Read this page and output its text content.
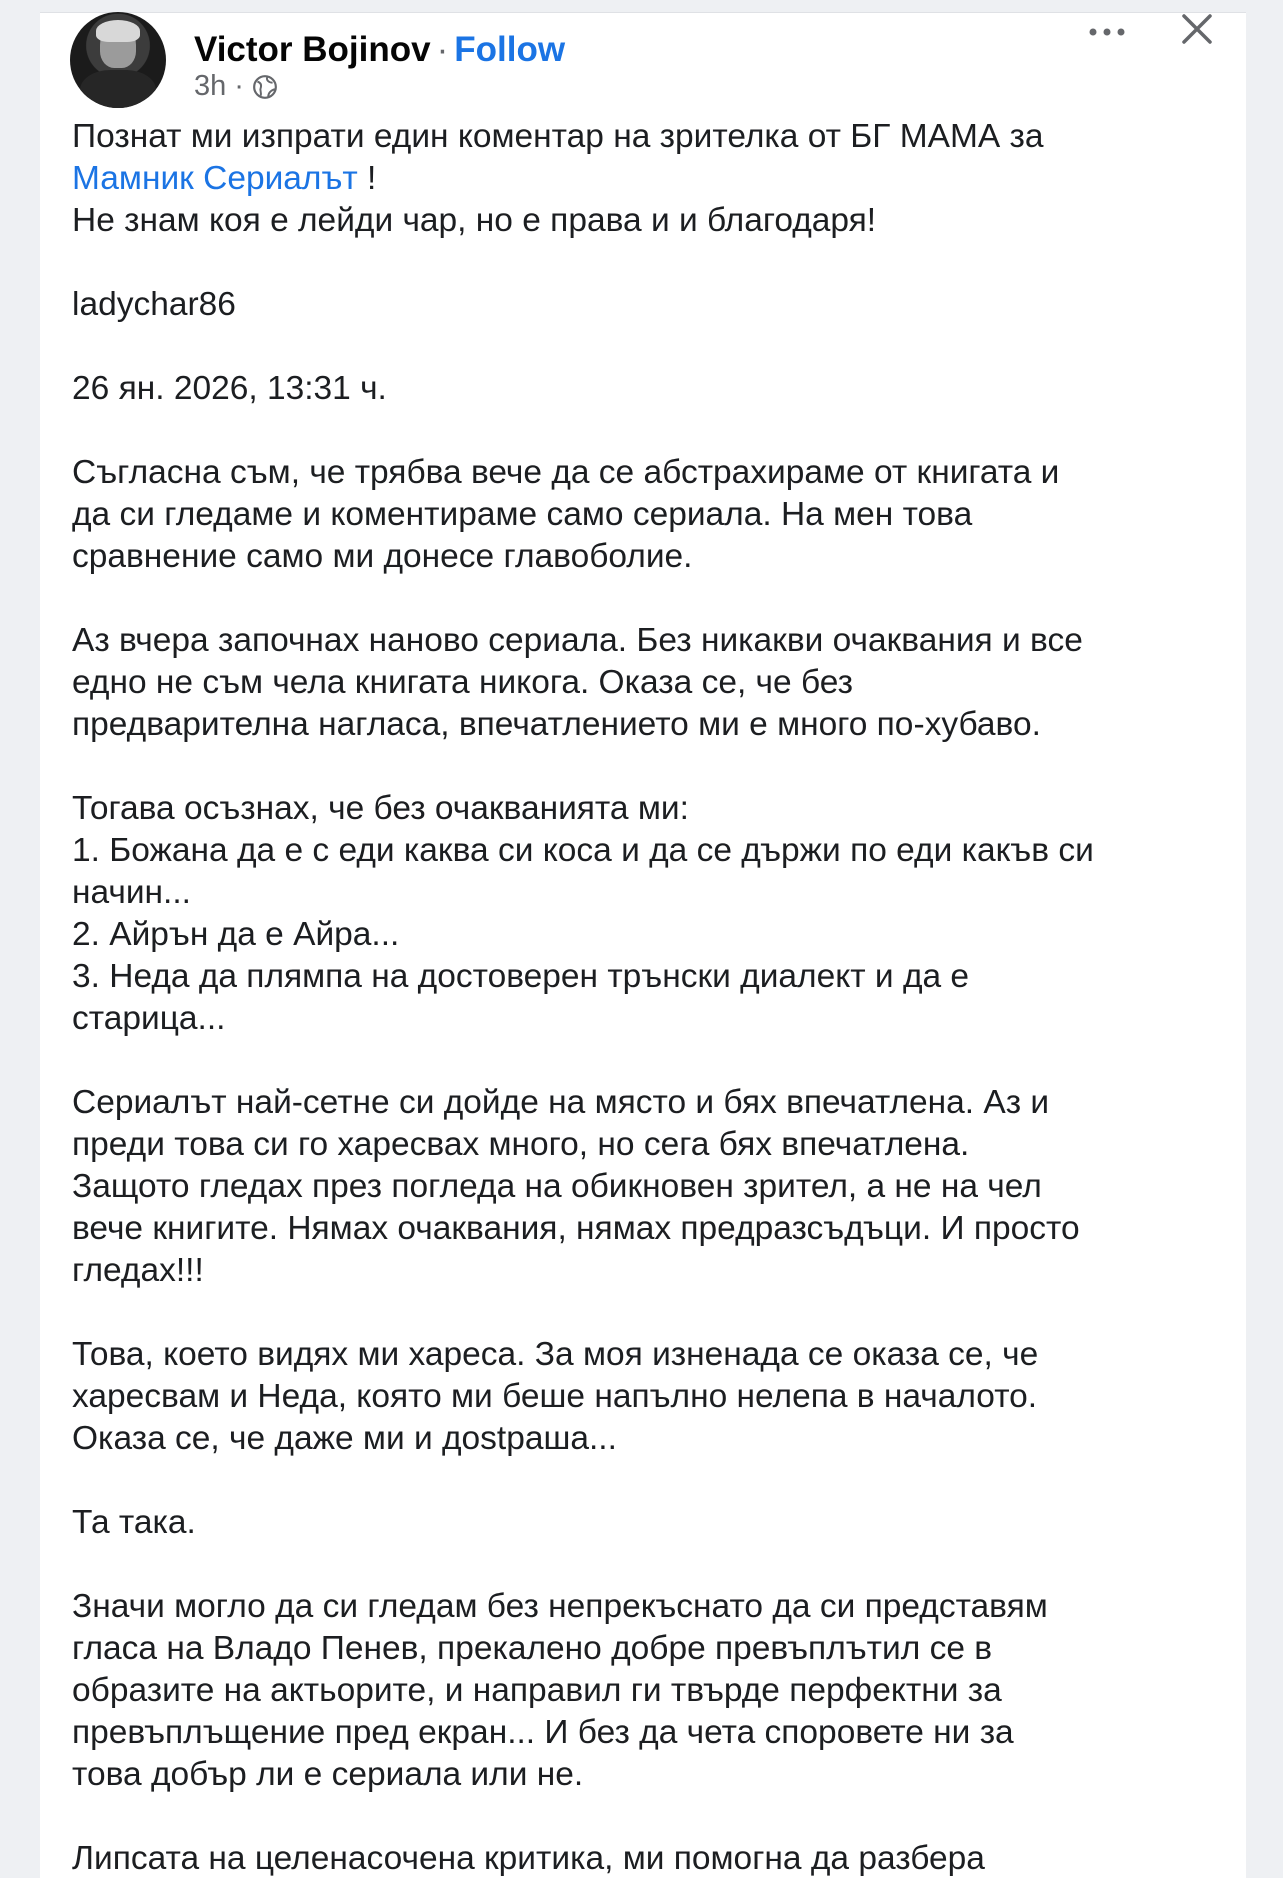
Victor Bojinov · Follow
3h ·

Познат ми изпрати един коментар на зрителка от БГ МАМА за
Мамник Сериалът !
Не знам коя е лейди чар, но е права и и благодаря!

ladychar86

26 ян. 2026, 13:31 ч.

Съгласна съм, че трябва вече да се абстрахираме от книгата и
да си гледаме и коментираме само сериала. На мен това
сравнение само ми донесе главоболие.

Аз вчера започнах наново сериала. Без никакви очаквания и все
едно не съм чела книгата никога. Оказа се, че без
предварителна нагласа, впечатлението ми е много по-хубаво.

Тогава осъзнах, че без очакванията ми:
1. Божана да е с еди каква си коса и да се държи по еди какъв си
начин...
2. Айрън да е Айра...
3. Неда да плямпа на достоверен трънски диалект и да е
старица...

Сериалът най-сетне си дойде на място и бях впечатлена. Аз и
преди това си го харесвах много, но сега бях впечатлена.
Защото гледах през погледа на обикновен зрител, а не на чел
вече книгите. Нямах очаквания, нямах предразсъдъци. И просто
гледах!!!

Това, което видях ми хареса. За моя изненада се оказа се, че
харесвам и Неда, която ми беше напълно нелепа в началото.
Оказа се, че даже ми и дostраша...

Та така.

Значи могло да си гледам без непрекъснато да си представям
гласа на Владо Пенев, прекалено добре превъплътил се в
образите на актьорите, и направил ги твърде перфектни за
превъплъщение пред екран... И без да чета споровете ни за
това добър ли е сериала или не.

Липсата на целенасочена критика, ми помогна да разбера
